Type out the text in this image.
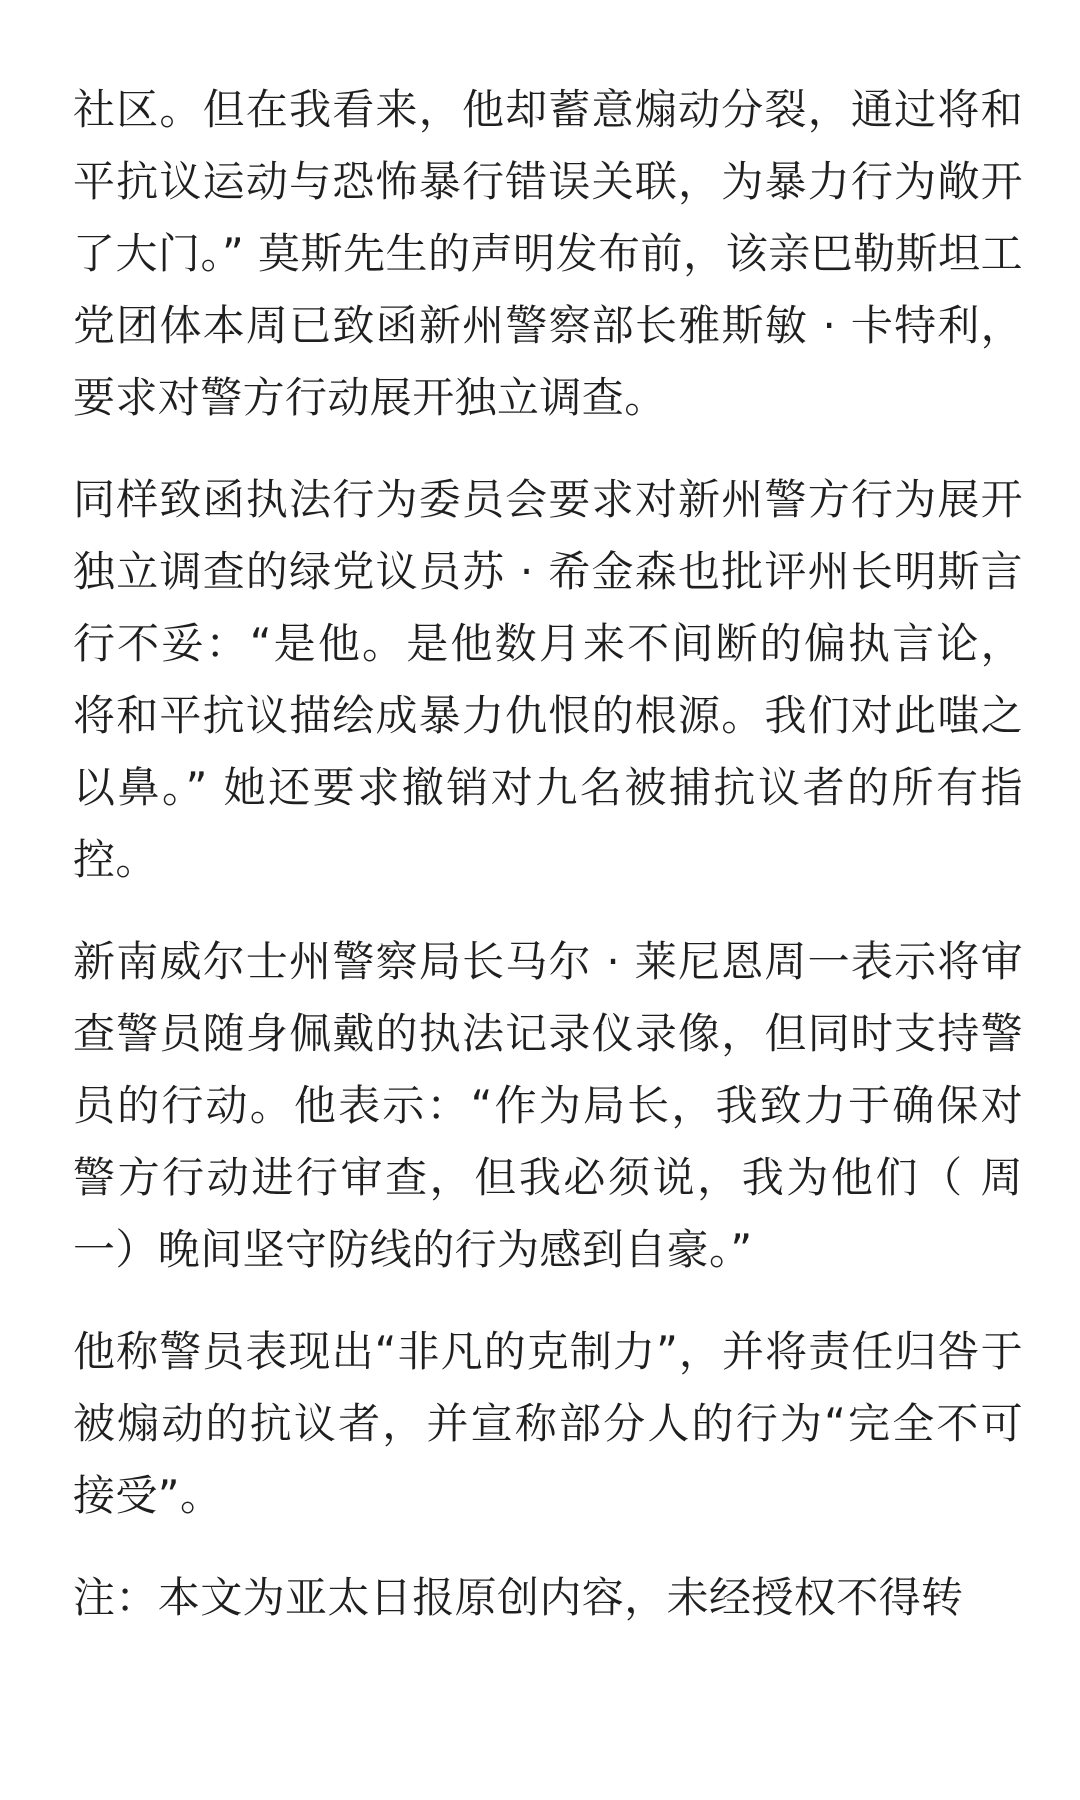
社区。但在我看来，他却蓄意煽动分裂，通过将和平抗议运动与恐怖暴行错误关联，为暴力行为敞开了大门。” 莫斯先生的声明发布前，该亲巴勒斯坦工党团体本周已致函新州警察部长雅斯敏 · 卡特利，要求对警方行动展开独立调查。

同样致函执法行为委员会要求对新州警方行为展开独立调查的绿党议员苏 · 希金森也批评州长明斯言行不妥：“是他。是他数月来不间断的偏执言论，将和平抗议描绘成暴力仇恨的根源。我们对此嗤之以鼻。” 她还要求撤销对九名被捕抗议者的所有指控。

新南威尔士州警察局长马尔 · 莱尼恩周一表示将审查警员随身佩戴的执法记录仪录像，但同时支持警员的行动。他表示：“作为局长，我致力于确保对警方行动进行审查，但我必须说，我为他们（ 周一）晚间坚守防线的行为感到自豪。”

他称警员表现出“非凡的克制力”，并将责任归咎于被煽动的抗议者，并宣称部分人的行为“完全不可接受”。

注：本文为亚太日报原创内容，未经授权不得转
